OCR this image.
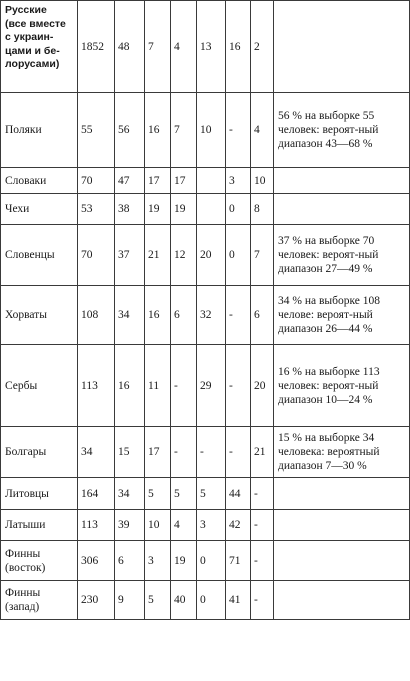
Русские
(все вместе
с украин-
цами и бе-
лорусами)	1852	48	7	4	13	16	2	
Поляки	55	56	16	7	10	-	4	56 % на выборке 55 человек: вероят-ный диапазон 43—68 %
Словаки	70	47	17	17		3	10	
Чехи	53	38	19	19		0	8	
Словенцы	70	37	21	12	20	0	7	37 % на выборке 70 человек: вероят-ный диапазон 27—49 %
Хорваты	108	34	16	6	32	-	6	34 % на выборке 108 челове: вероят-ный диапазон 26—44 %
Сербы	113	16	11	-	29	-	20	16 % на выборке 113 человек: вероят-ный диапазон 10—24 %
Болгары	34	15	17	-	-	-	21	15 % на выборке 34 человека: вероятный диапазон 7—30 %
Литовцы	164	34	5	5	5	44	-	
Латыши	113	39	10	4	3	42	-	
Финны
(восток)	306	6	3	19	0	71	-	
Финны
(запад)	230	9	5	40	0	41	-	
